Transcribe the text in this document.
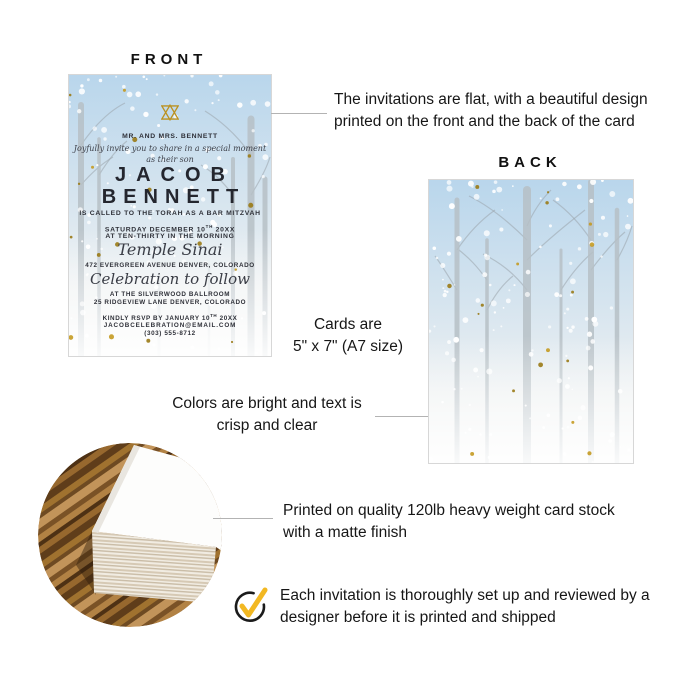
FRONT
MR. AND MRS. BENNETT
Joyfully invite you to share in a special moment
as their son
JACOB
BENNETT
IS CALLED TO THE TORAH AS A BAR MITZVAH
SATURDAY DECEMBER 10TH 20XX
AT TEN-THIRTY IN THE MORNING
Temple Sinai
472 EVERGREEN AVENUE DENVER, COLORADO
Celebration to follow
AT THE SILVERWOOD BALLROOM
25 RIDGEVIEW LANE DENVER, COLORADO
KINDLY RSVP BY JANUARY 10TH 20XX
JACOBCELEBRATION@EMAIL.COM
(303) 555-8712
The invitations are flat, with a beautiful design printed on the front and the back of the card
BACK
Cards are
5" x 7" (A7 size)
Colors are bright and text is
crisp and clear
Printed on quality 120lb heavy weight card stock with a matte finish
Each invitation is thoroughly set up and reviewed by a designer before it is printed and shipped
